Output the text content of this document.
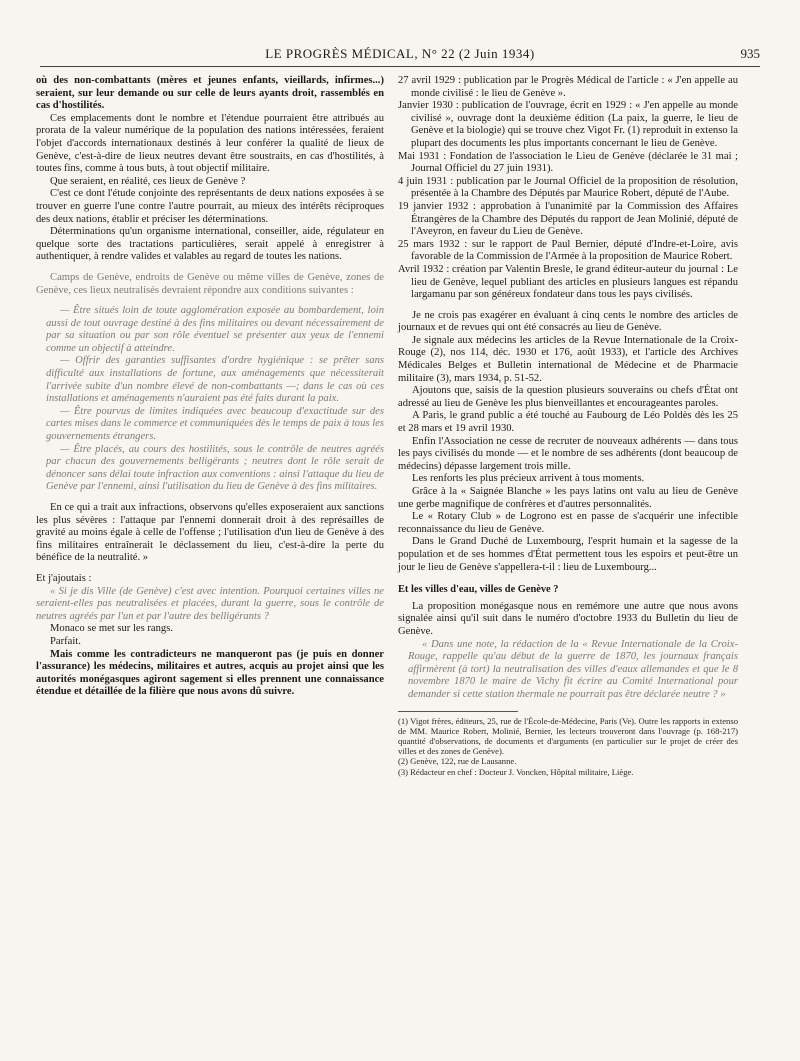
LE PROGRÈS MÉDICAL, N° 22 (2 Juin 1934)	935

où des non-combattants (mères et jeunes enfants, vieillards, infirmes...) seraient, sur leur demande ou sur celle de leurs ayants droit, rassemblés en cas d'hostilités.

Ces emplacements dont le nombre et l'étendue pourraient être attribués au prorata de la valeur numérique de la population des nations intéressées, feraient l'objet d'accords internationaux destinés à leur conférer la qualité de lieux de Genève, c'est-à-dire de lieux neutres devant être soustraits, en cas d'hostilités, à toutes fins, comme à tous buts, à tout objectif militaire.

Que seraient, en réalité, ces lieux de Genève ?

C'est ce dont l'étude conjointe des représentants de deux nations exposées à se trouver en guerre l'une contre l'autre pourrait, au mieux des intérêts réciproques des deux nations, établir et préciser les déterminations.

Déterminations qu'un organisme international, conseiller, aide, régulateur en quelque sorte des tractations particulières, serait appelé à enregistrer à authentiquer, à rendre valides et valables au regard de toutes les nations.

Camps de Genève, endroits de Genève ou même villes de Genève, zones de Genève, ces lieux neutralisés devraient répondre aux conditions suivantes :

— Être situés loin de toute agglomération exposée au bombardement, loin aussi de tout ouvrage destiné à des fins militaires ou devant nécessairement de par sa situation ou par son rôle éventuel se présenter aux yeux de l'ennemi comme un objectif à atteindre.

— Offrir des garanties suffisantes d'ordre hygiénique : se prêter sans difficulté aux installations de fortune, aux aménagements que nécessiterait l'arrivée subite d'un nombre élevé de non-combattants —; dans le cas où ces installations et aménagements n'auraient pas été faits durant la paix.

— Être pourvus de limites indiquées avec beaucoup d'exactitude sur des cartes mises dans le commerce et communiquées dès le temps de paix à tous les gouvernements étrangers.

— Être placés, au cours des hostilités, sous le contrôle de neutres agréés par chacun des gouvernements belligérants ; neutres dont le rôle serait de dénoncer sans délai toute infraction aux conventions : ainsi l'attaque du lieu de Genève par l'ennemi, ainsi l'utilisation du lieu de Genève à des fins militaires.

En ce qui a trait aux infractions, observons qu'elles exposeraient aux sanctions les plus sévères : l'attaque par l'ennemi donnerait droit à des représailles de gravité au moins égale à celle de l'offense ; l'utilisation d'un lieu de Genève à des fins militaires entraînerait le déclassement du lieu, c'est-à-dire la perte du bénéfice de la neutralité. »

Et j'ajoutais :

« Si je dis Ville (de Genève) c'est avec intention. Pourquoi certaines villes ne seraient-elles pas neutralisées et placées, durant la guerre, sous le contrôle de neutres agréés par l'un et par l'autre des belligérants ?

Monaco se met sur les rangs.

Parfait.

Mais comme les contradicteurs ne manqueront pas (je puis en donner l'assurance) les médecins, militaires et autres, acquis au projet ainsi que les autorités monégasques agiront sagement si elles prennent une connaissance étendue et détaillée de la filière que nous avons dû suivre.

27 avril 1929 : publication par le Progrès Médical de l'article : « J'en appelle au monde civilisé : le lieu de Genève ».

Janvier 1930 : publication de l'ouvrage, écrit en 1929 : « J'en appelle au monde civilisé », ouvrage dont la deuxième édition (La paix, la guerre, le lieu de Genève et la biologie) qui se trouve chez Vigot Fr. (1) reproduit in extenso la plupart des documents les plus importants concernant le lieu de Genève.

Mai 1931 : Fondation de l'association le Lieu de Genève (déclarée le 31 mai ; Journal Officiel du 27 juin 1931).

4 juin 1931 : publication par le Journal Officiel de la proposition de résolution, présentée à la Chambre des Députés par Maurice Robert, député de l'Aube.

19 janvier 1932 : approbation à l'unanimité par la Commission des Affaires Étrangères de la Chambre des Députés du rapport de Jean Molinié, député de l'Aveyron, en faveur du Lieu de Genève.

25 mars 1932 : sur le rapport de Paul Bernier, député d'Indre-et-Loire, avis favorable de la Commission de l'Armée à la proposition de Maurice Robert.

Avril 1932 : création par Valentin Bresle, le grand éditeur-auteur du journal : Le lieu de Genève, lequel publiant des articles en plusieurs langues est répandu largamanu par son généreux fondateur dans tous les pays civilisés.

Je ne crois pas exagérer en évaluant à cinq cents le nombre des articles de journaux et de revues qui ont été consacrés au lieu de Genève.

Je signale aux médecins les articles de la Revue Internationale de la Croix-Rouge (2), nos 114, déc. 1930 et 176, août 1933), et l'article des Archives Médicales Belges et Bulletin international de Médecine et de Pharmacie militaire (3), mars 1934, p. 51-52.

Ajoutons que, saisis de la question plusieurs souverains ou chefs d'État ont adressé au lieu de Genève les plus bienveillantes et encourageantes paroles.

A Paris, le grand public a été touché au Faubourg de Léo Poldès dès les 25 et 28 mars et 19 avril 1930.

Enfin l'Association ne cesse de recruter de nouveaux adhérents — dans tous les pays civilisés du monde — et le nombre de ses adhérents (dont beaucoup de médecins) dépasse largement trois mille.

Les renforts les plus précieux arrivent à tous moments.

Grâce à la « Saignée Blanche » les pays latins ont valu au lieu de Genève une gerbe magnifique de confrères et d'autres personnalités.

Le « Rotary Club » de Logrono est en passe de s'acquérir une infectible reconnaissance du lieu de Genève.

Dans le Grand Duché de Luxembourg, l'esprit humain et la sagesse de la population et de ses hommes d'État permettent tous les espoirs et peut-être un jour le lieu de Genève s'appellera-t-il : lieu de Luxembourg...

Et les villes d'eau, villes de Genève ?

La proposition monégasque nous en remémore une autre que nous avons signalée ainsi qu'il suit dans le numéro d'octobre 1933 du Bulletin du lieu de Genève.

« Dans une note, la rédaction de la « Revue Internationale de la Croix-Rouge, rappelle qu'au début de la guerre de 1870, les journaux français affirmèrent (à tort) la neutralisation des villes d'eaux allemandes et que le 8 novembre 1870 le maire de Vichy fit écrire au Comité International pour demander si cette station thermale ne pourrait pas être déclarée neutre ? »

(1) Vigot frères, éditeurs, 25, rue de l'École-de-Médecine, Paris (Ve). Outre les rapports in extenso de MM. Maurice Robert, Molinié, Bernier, les lecteurs trouveront dans l'ouvrage (p. 168-217) quantité d'observations, de documents et d'arguments (en particulier sur le projet de créer des villes et des zones de Genève).

(2) Genève, 122, rue de Lausanne.

(3) Rédacteur en chef : Docteur J. Voncken, Hôpital militaire, Liège.
